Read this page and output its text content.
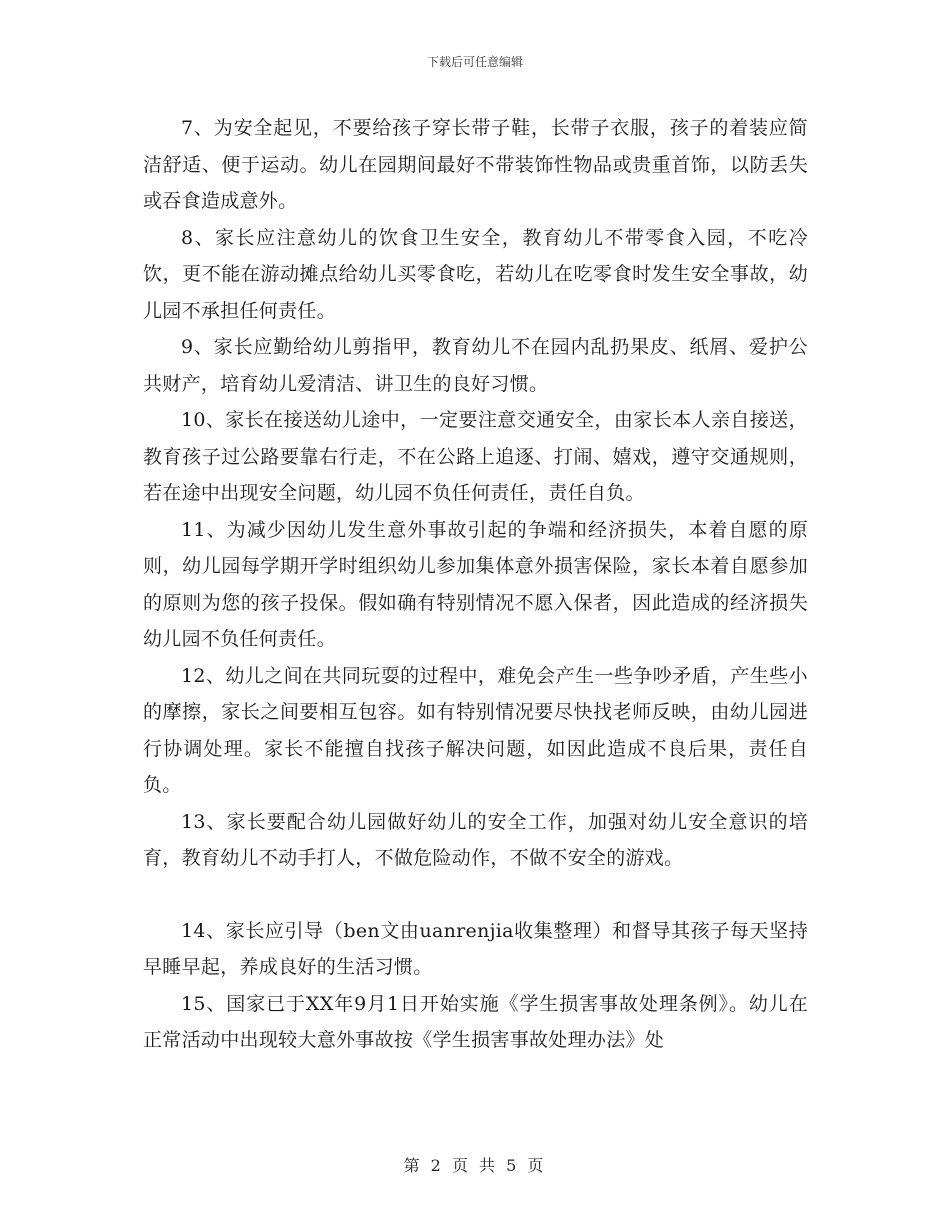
下载后可任意编辑

7、为安全起见，不要给孩子穿长带子鞋，长带子衣服，孩子的着装应简洁舒适、便于运动。幼儿在园期间最好不带装饰性物品或贵重首饰，以防丢失或吞食造成意外。

8、家长应注意幼儿的饮食卫生安全，教育幼儿不带零食入园，不吃冷饮，更不能在游动摊点给幼儿买零食吃，若幼儿在吃零食时发生安全事故，幼儿园不承担任何责任。

9、家长应勤给幼儿剪指甲，教育幼儿不在园内乱扔果皮、纸屑、爱护公共财产，培育幼儿爱清洁、讲卫生的良好习惯。

10、家长在接送幼儿途中，一定要注意交通安全，由家长本人亲自接送，教育孩子过公路要靠右行走，不在公路上追逐、打闹、嬉戏，遵守交通规则，若在途中出现安全问题，幼儿园不负任何责任，责任自负。

11、为减少因幼儿发生意外事故引起的争端和经济损失，本着自愿的原则，幼儿园每学期开学时组织幼儿参加集体意外损害保险，家长本着自愿参加的原则为您的孩子投保。假如确有特别情况不愿入保者，因此造成的经济损失幼儿园不负任何责任。

12、幼儿之间在共同玩耍的过程中，难免会产生一些争吵矛盾，产生些小的摩擦，家长之间要相互包容。如有特别情况要尽快找老师反映，由幼儿园进行协调处理。家长不能擅自找孩子解决问题，如因此造成不良后果，责任自负。

13、家长要配合幼儿园做好幼儿的安全工作，加强对幼儿安全意识的培育，教育幼儿不动手打人，不做危险动作，不做不安全的游戏。

14、家长应引导（ben文由uanrenjia收集整理）和督导其孩子每天坚持早睡早起，养成良好的生活习惯。

15、国家已于XX年9月1日开始实施《学生损害事故处理条例》。幼儿在正常活动中出现较大意外事故按《学生损害事故处理办法》处

第 2 页 共 5 页
